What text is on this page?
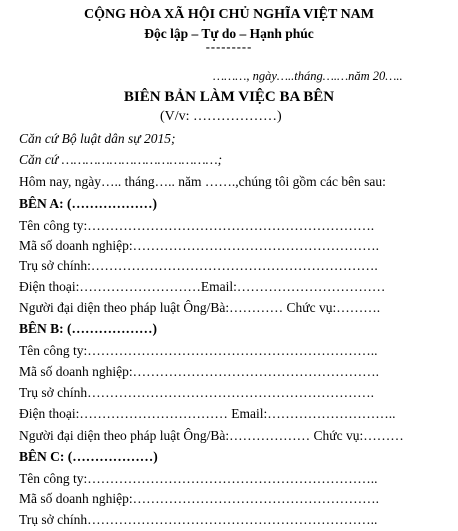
CỘNG HÒA XÃ HỘI CHỦ NGHĨA VIỆT NAM
Độc lập – Tự do – Hạnh phúc
---------
………, ngày…..tháng….…năm 20…..
BIÊN BẢN LÀM VIỆC BA BÊN
(V/v: ………………)
Căn cứ Bộ luật dân sự 2015;
Căn cứ …………………………………;
Hôm nay, ngày….. tháng….. năm …….,chúng tôi gồm các bên sau:
BÊN A: (………………)
Tên công ty:……………………………………………………….
Mã số doanh nghiệp:……………………………………………….
Trụ sở chính:……………………………………………………….
Điện thoại:………………………Email:……………………………
Người đại diện theo pháp luật Ông/Bà:………… Chức vụ:……….
BÊN B: (………………)
Tên công ty:………………………………………………………..
Mã số doanh nghiệp:……………………………………………….
Trụ sở chính……………………………………………………….
Điện thoại:…………………………… Email:………………………..
Người đại diện theo pháp luật Ông/Bà:……………… Chức vụ:………
BÊN C: (………………)
Tên công ty:………………………………………………………..
Mã số doanh nghiệp:……………………………………………….
Trụ sở chính………………………………………………………..
